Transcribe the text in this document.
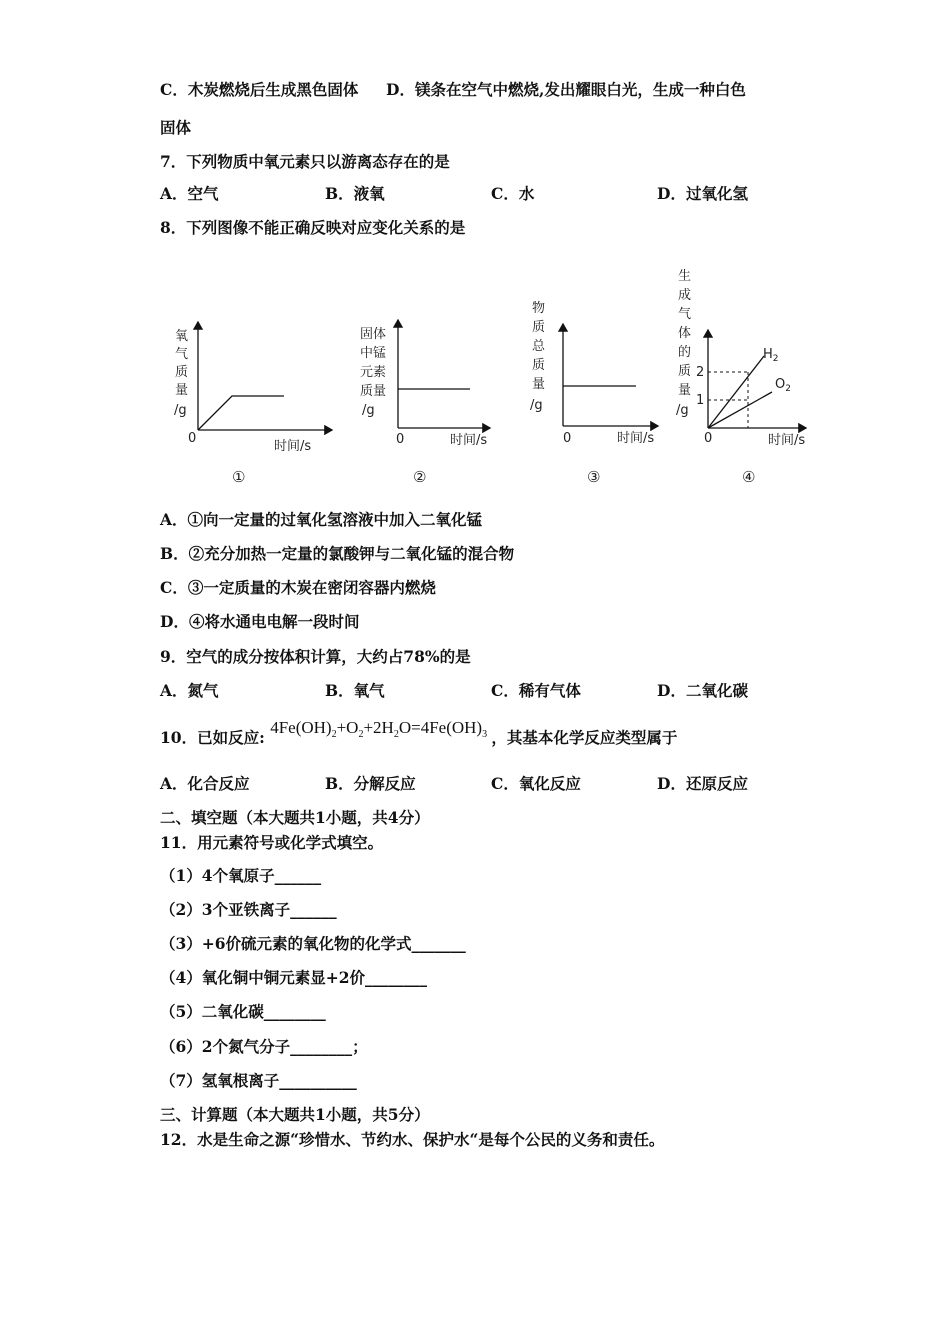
C．木炭燃烧后生成黑色固体 D．镁条在空气中燃烧,发出耀眼白光，生成一种白色
固体
7．下列物质中氧元素只以游离态存在的是
A．空气	B．液氧	C．水	D．过氧化氢
8．下列图像不能正确反映对应变化关系的是
氧
气
质
量
/g
0
时间/s
①
固体
中锰
元素
质量
/g
0	时间/s
②
物
质
总
质
量
/g
0	时间/s
③
生
成
气
体
的
质
量
/g
2
1
$H_2$
$O_2$
0	时间/s
④
A．①向一定量的过氧化氢溶液中加入二氧化锰
B．②充分加热一定量的氯酸钾与二氧化锰的混合物
C．③一定质量的木炭在密闭容器内燃烧
D．④将水通电电解一段时间
9．空气的成分按体积计算，大约占78%的是
A．氮气	B．氧气	C．稀有气体	D．二氧化碳
10．已如反应: $4Fe(OH)_2+O_2+2H_2O=4Fe(OH)_3$ ，其基本化学反应类型属于
A．化合反应	B．分解反应	C．氧化反应	D．还原反应
二、填空题（本大题共1小题，共4分）
11．用元素符号或化学式填空。
（1）4个氧原子______
（2）3个亚铁离子______
（3）+6价硫元素的氧化物的化学式_______
（4）氧化铜中铜元素显+2价________
（5）二氧化碳________
（6）2个氮气分子________；
（7）氢氧根离子__________
三、计算题（本大题共1小题，共5分）
12．水是生命之源“珍惜水、节约水、保护水“是每个公民的义务和责任。
